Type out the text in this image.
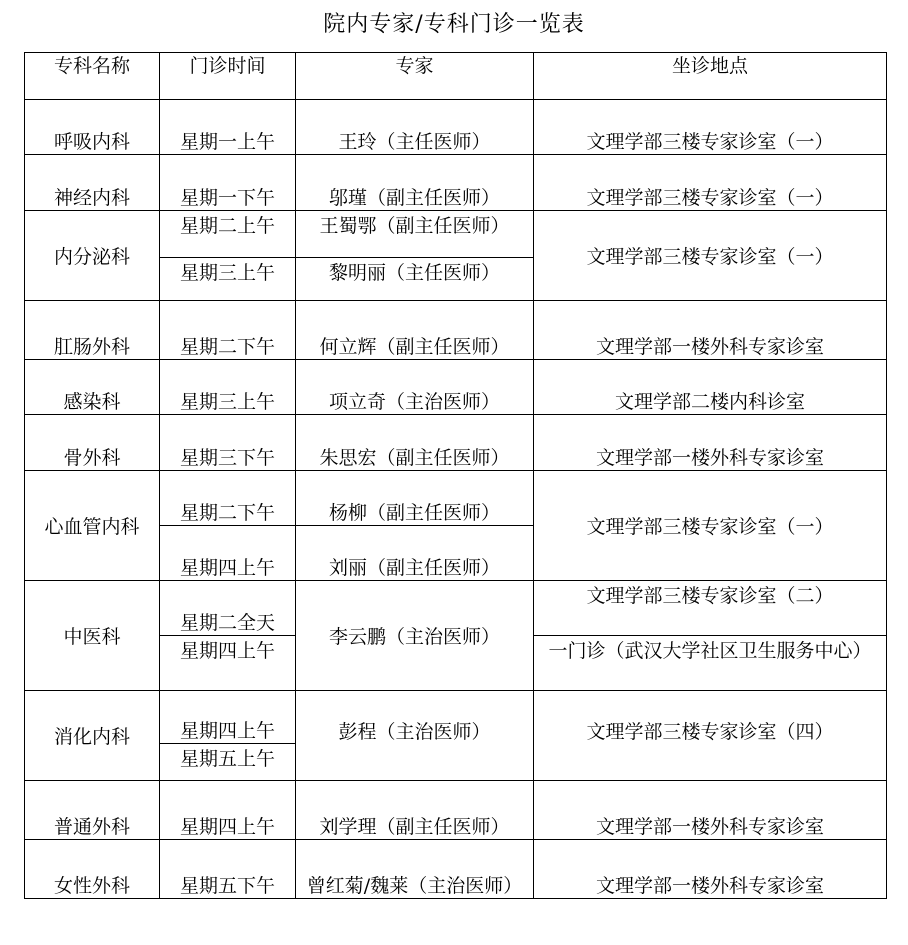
院内专家/专科门诊一览表
专科名称	门诊时间	专家	坐诊地点
呼吸内科	星期一上午	王玲（主任医师）	文理学部三楼专家诊室（一）
神经内科	星期一下午	邬瑾（副主任医师）	文理学部三楼专家诊室（一）
内分泌科	星期二上午	王蜀鄂（副主任医师）	文理学部三楼专家诊室（一）
	星期三上午	黎明丽（主任医师）	
肛肠外科	星期二下午	何立辉（副主任医师）	文理学部一楼外科专家诊室
感染科	星期三上午	项立奇（主治医师）	文理学部二楼内科诊室
骨外科	星期三下午	朱思宏（副主任医师）	文理学部一楼外科专家诊室
心血管内科	星期二下午	杨柳（副主任医师）	文理学部三楼专家诊室（一）
	星期四上午	刘丽（副主任医师）	
中医科	星期二全天	李云鹏（主治医师）	文理学部三楼专家诊室（二）
	星期四上午		一门诊（武汉大学社区卫生服务中心）
消化内科	星期四上午	彭程（主治医师）	文理学部三楼专家诊室（四）
	星期五上午		
普通外科	星期四上午	刘学理（副主任医师）	文理学部一楼外科专家诊室
女性外科	星期五下午	曾红菊/魏莱（主治医师）	文理学部一楼外科专家诊室
